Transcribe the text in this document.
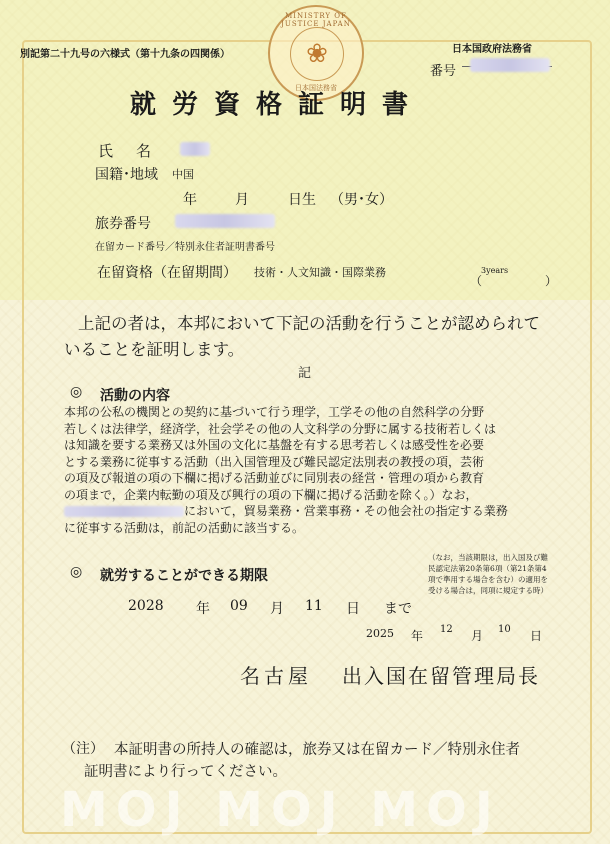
別記第二十九号の六様式（第十九条の四関係）	日本国政府法務省
番号
MINISTRY OF JUSTICE JAPAN
❀
日本国法務省
就労資格証明書
氏　名
国籍･地域 中国
年	月	日生 （男･女）
旅券番号
在留カード番号／特別永住者証明書番号
在留資格（在留期間） 技術・人文知識・国際業務
（
3years
）
上記の者は，本邦において下記の活動を行うことが認められて
いることを証明します。
記
◎ 活動の内容
本邦の公私の機関との契約に基づいて行う理学，工学その他の自然科学の分野
若しくは法律学，経済学，社会学その他の人文科学の分野に属する技術若しくは
は知識を要する業務又は外国の文化に基盤を有する思考若しくは感受性を必要
とする業務に従事する活動（出入国管理及び難民認定法別表の教授の項，芸術
の項及び報道の項の下欄に掲げる活動並びに同別表の経営・管理の項から教育
の項まで，企業内転勤の項及び興行の項の下欄に掲げる活動を除く。）なお，
において，貿易業務・営業事務・その他会社の指定する業務
に従事する活動は，前記の活動に該当する。
◎ 就労することができる期限
（なお，当該期限は，出入国及び難民認定法第20条第6項（第21条第4項で準用する場合を含む）の適用を受ける場合は，同項に規定する時）
2028 年 09 月 11 日 まで
2025 年 12 月 10 日
名古屋 出入国在留管理局長
（注） 本証明書の所持人の確認は，旅券又は在留カード／特別永住者
証明書により行ってください。
MOJ MOJ MOJ
